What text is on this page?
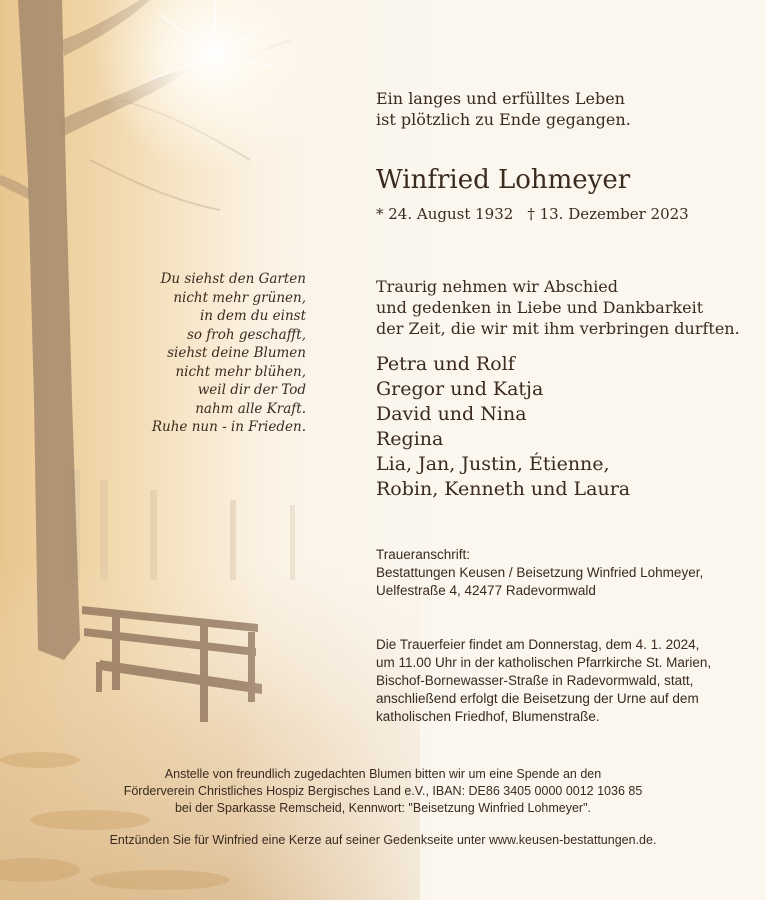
Ein langes und erfülltes Leben
ist plötzlich zu Ende gegangen.
Winfried Lohmeyer
* 24. August 1932 † 13. Dezember 2023
Du siehst den Garten
nicht mehr grünen,
in dem du einst
so froh geschafft,
siehst deine Blumen
nicht mehr blühen,
weil dir der Tod
nahm alle Kraft.
Ruhe nun - in Frieden.
Traurig nehmen wir Abschied
und gedenken in Liebe und Dankbarkeit
der Zeit, die wir mit ihm verbringen durften.
Petra und Rolf
Gregor und Katja
David und Nina
Regina
Lia, Jan, Justin, Étienne,
Robin, Kenneth und Laura
Traueranschrift:
Bestattungen Keusen / Beisetzung Winfried Lohmeyer,
Uelfestraße 4, 42477 Radevormwald
Die Trauerfeier findet am Donnerstag, dem 4. 1. 2024,
um 11.00 Uhr in der katholischen Pfarrkirche St. Marien,
Bischof-Bornewasser-Straße in Radevormwald, statt,
anschließend erfolgt die Beisetzung der Urne auf dem
katholischen Friedhof, Blumenstraße.
Anstelle von freundlich zugedachten Blumen bitten wir um eine Spende an den
Förderverein Christliches Hospiz Bergisches Land e.V., IBAN: DE86 3405 0000 0012 1036 85
bei der Sparkasse Remscheid, Kennwort: "Beisetzung Winfried Lohmeyer".
Entzünden Sie für Winfried eine Kerze auf seiner Gedenkseite unter www.keusen-bestattungen.de.
